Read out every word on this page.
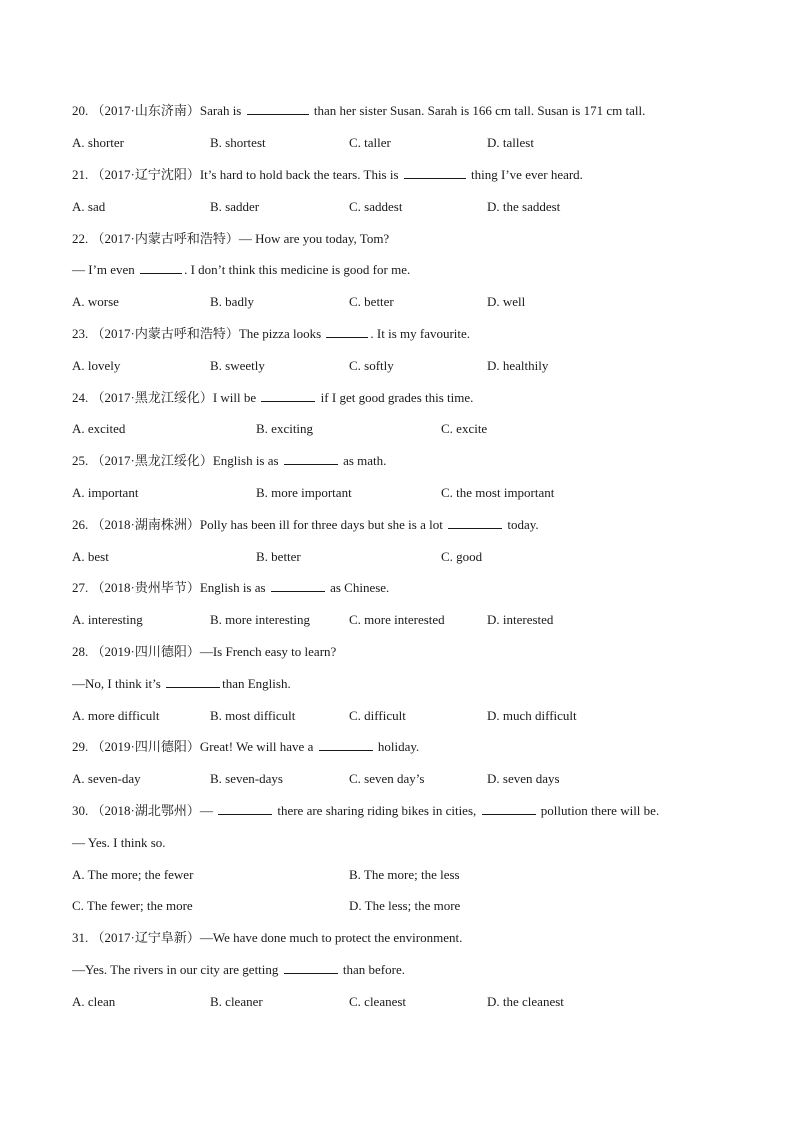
20. （2017·山东济南）Sarah is	than her sister Susan. Sarah is 166 cm tall. Susan is 171 cm tall.
A. shorter	B. shortest	C. taller	D. tallest
21. （2017·辽宁沈阳）It’s hard to hold back the tears. This is	thing I’ve ever heard.
A. sad	B. sadder	C. saddest	D. the saddest
22. （2017·内蒙古呼和浩特）— How are you today, Tom?
— I’m even	. I don’t think this medicine is good for me.
A. worse	B. badly	C. better	D. well
23. （2017·内蒙古呼和浩特）The pizza looks	. It is my favourite.
A. lovely	B. sweetly	C. softly	D. healthily
24. （2017·黑龙江绥化）I will be	if I get good grades this time.
A. excited	B. exciting	C. excite
25. （2017·黑龙江绥化）English is as	as math.
A. important	B. more important	C. the most important
26. （2018·湖南株洲）Polly has been ill for three days but she is a lot	today.
A. best	B. better	C. good
27. （2018·贵州毕节）English is as	as Chinese.
A. interesting	B. more interesting	C. more interested	D. interested
28. （2019·四川德阳）—Is French easy to learn?
—No, I think it’s	than English.
A. more difficult	B. most difficult	C. difficult	D. much difficult
29. （2019·四川德阳）Great! We will have a	holiday.
A. seven-day	B. seven-days	C. seven day’s	D. seven days
30. （2018·湖北鄂州）—	there are sharing riding bikes in cities,	pollution there will be.
— Yes. I think so.
A. The more; the fewer	B. The more; the less
C. The fewer; the more	D. The less; the more
31. （2017·辽宁阜新）—We have done much to protect the environment.
—Yes. The rivers in our city are getting	than before.
A. clean	B. cleaner	C. cleanest	D. the cleanest
